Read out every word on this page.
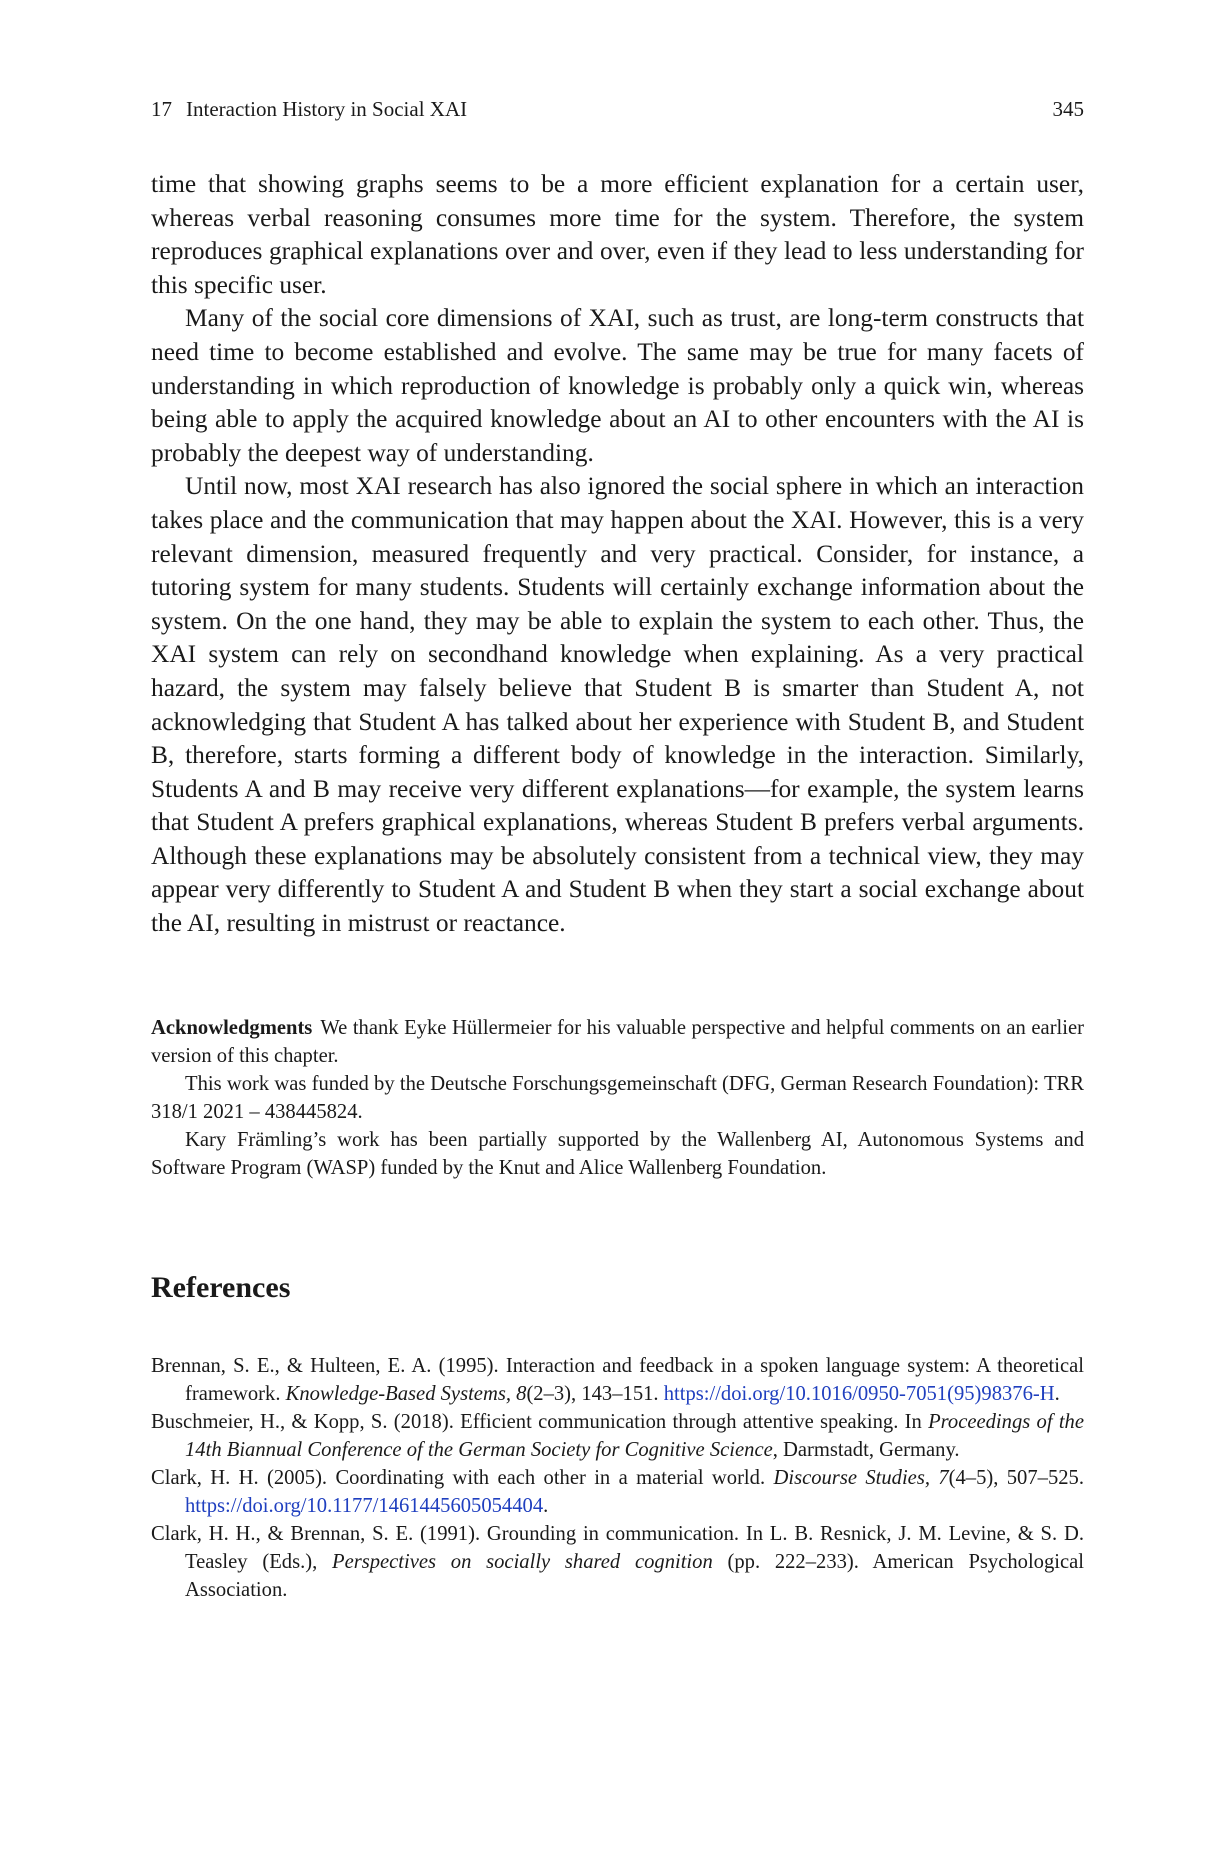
17 Interaction History in Social XAI	345

time that showing graphs seems to be a more efficient explanation for a certain user, whereas verbal reasoning consumes more time for the system. Therefore, the system reproduces graphical explanations over and over, even if they lead to less understanding for this specific user.

Many of the social core dimensions of XAI, such as trust, are long-term constructs that need time to become established and evolve. The same may be true for many facets of understanding in which reproduction of knowledge is probably only a quick win, whereas being able to apply the acquired knowledge about an AI to other encounters with the AI is probably the deepest way of understanding.

Until now, most XAI research has also ignored the social sphere in which an interaction takes place and the communication that may happen about the XAI. However, this is a very relevant dimension, measured frequently and very practical. Consider, for instance, a tutoring system for many students. Students will certainly exchange information about the system. On the one hand, they may be able to explain the system to each other. Thus, the XAI system can rely on secondhand knowledge when explaining. As a very practical hazard, the system may falsely believe that Student B is smarter than Student A, not acknowledging that Student A has talked about her experience with Student B, and Student B, therefore, starts forming a different body of knowledge in the interaction. Similarly, Students A and B may receive very different explanations—for example, the system learns that Student A prefers graphical explanations, whereas Student B prefers verbal arguments. Although these explanations may be absolutely consistent from a technical view, they may appear very differently to Student A and Student B when they start a social exchange about the AI, resulting in mistrust or reactance.

Acknowledgments We thank Eyke Hüllermeier for his valuable perspective and helpful comments on an earlier version of this chapter.

This work was funded by the Deutsche Forschungsgemeinschaft (DFG, German Research Foundation): TRR 318/1 2021 – 438445824.

Kary Främling’s work has been partially supported by the Wallenberg AI, Autonomous Systems and Software Program (WASP) funded by the Knut and Alice Wallenberg Foundation.

References
Brennan, S. E., & Hulteen, E. A. (1995). Interaction and feedback in a spoken language system: A theoretical framework. Knowledge-Based Systems, 8(2–3), 143–151. https://doi.org/10.1016/0950-7051(95)98376-H.
Buschmeier, H., & Kopp, S. (2018). Efficient communication through attentive speaking. In Proceedings of the 14th Biannual Conference of the German Society for Cognitive Science, Darmstadt, Germany.
Clark, H. H. (2005). Coordinating with each other in a material world. Discourse Studies, 7(4–5), 507–525. https://doi.org/10.1177/1461445605054404.
Clark, H. H., & Brennan, S. E. (1991). Grounding in communication. In L. B. Resnick, J. M. Levine, & S. D. Teasley (Eds.), Perspectives on socially shared cognition (pp. 222–233). American Psychological Association.
